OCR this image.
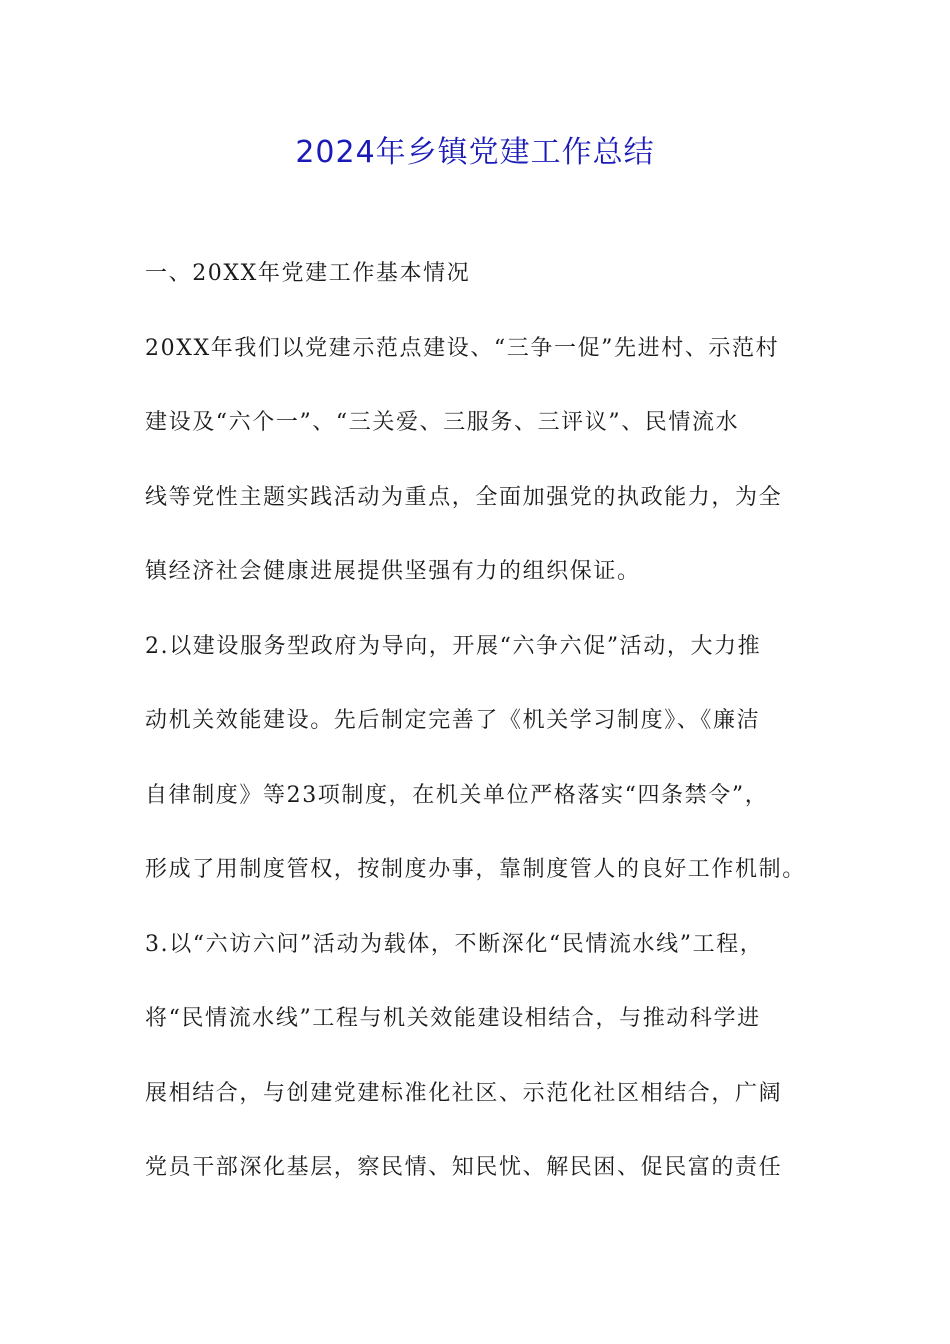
2024年乡镇党建工作总结
一、20XX年党建工作基本情况
20XX年我们以党建示范点建设、“三争一促”先进村、示范村
建设及“六个一”、“三关爱、三服务、三评议”、民情流水
线等党性主题实践活动为重点，全面加强党的执政能力，为全
镇经济社会健康进展提供坚强有力的组织保证。
2.以建设服务型政府为导向，开展“六争六促”活动，大力推
动机关效能建设。先后制定完善了《机关学习制度》、《廉洁
自律制度》等23项制度，在机关单位严格落实“四条禁令”，
形成了用制度管权，按制度办事，靠制度管人的良好工作机制。
3.以“六访六问”活动为载体，不断深化“民情流水线”工程，
将“民情流水线”工程与机关效能建设相结合，与推动科学进
展相结合，与创建党建标准化社区、示范化社区相结合，广阔
党员干部深化基层，察民情、知民忧、解民困、促民富的责任
